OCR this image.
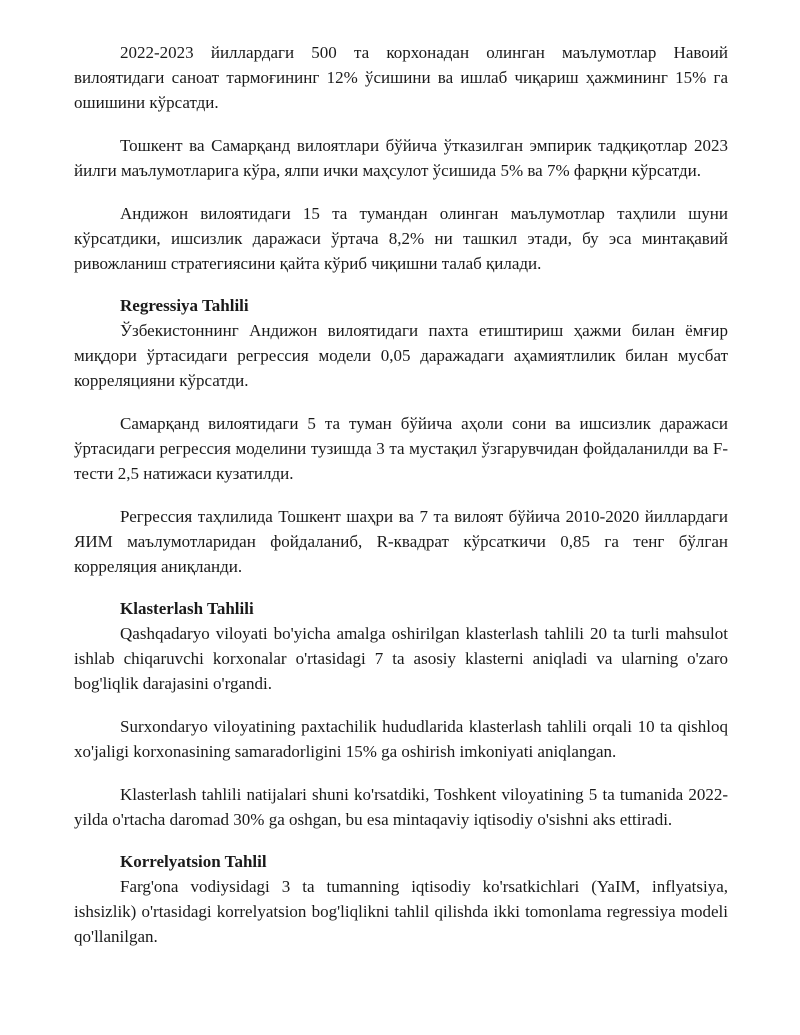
2022-2023 йиллардаги 500 та корхонадан олинган маълумотлар Навоий вилоятидаги саноат тармоғининг 12% ўсишини ва ишлаб чиқариш ҳажмининг 15% га ошишини кўрсатди.

Тошкент ва Самарқанд вилоятлари бўйича ўтказилган эмпирик тадқиқотлар 2023 йилги маълумотларига кўра, ялпи ички маҳсулот ўсишида 5% ва 7% фарқни кўрсатди.

Андижон вилоятидаги 15 та тумандан олинган маълумотлар таҳлили шуни кўрсатдики, ишсизлик даражаси ўртача 8,2% ни ташкил этади, бу эса минтақавий ривожланиш стратегиясини қайта кўриб чиқишни талаб қилади.

Regressiya Tahlili

Ўзбекистоннинг Андижон вилоятидаги пахта етиштириш ҳажми билан ёмғир миқдори ўртасидаги регрессия модели 0,05 даражадаги аҳамиятлилик билан мусбат корреляцияни кўрсатди.

Самарқанд вилоятидаги 5 та туман бўйича аҳоли сони ва ишсизлик даражаси ўртасидаги регрессия моделини тузишда 3 та мустақил ўзгарувчидан фойдаланилди ва F-тести 2,5 натижаси кузатилди.

Регрессия таҳлилида Тошкент шаҳри ва 7 та вилоят бўйича 2010-2020 йиллардаги ЯИМ маълумотларидан фойдаланиб, R-квадрат кўрсаткичи 0,85 га тенг бўлган корреляция аниқланди.

Klasterlash Tahlili

Qashqadaryo viloyati bo'yicha amalga oshirilgan klasterlash tahlili 20 ta turli mahsulot ishlab chiqaruvchi korxonalar o'rtasidagi 7 ta asosiy klasterni aniqladi va ularning o'zaro bog'liqlik darajasini o'rgandi.

Surxondaryo viloyatining paxtachilik hududlarida klasterlash tahlili orqali 10 ta qishloq xo'jaligi korxonasining samaradorligini 15% ga oshirish imkoniyati aniqlangan.

Klasterlash tahlili natijalari shuni ko'rsatdiki, Toshkent viloyatining 5 ta tumanida 2022-yilda o'rtacha daromad 30% ga oshgan, bu esa mintaqaviy iqtisodiy o'sishni aks ettiradi.

Korrelyatsion Tahlil

Farg'ona vodiysidagi 3 ta tumanning iqtisodiy ko'rsatkichlari (YaIM, inflyatsiya, ishsizlik) o'rtasidagi korrelyatsion bog'liqlikni tahlil qilishda ikki tomonlama regressiya modeli qo'llanilgan.
